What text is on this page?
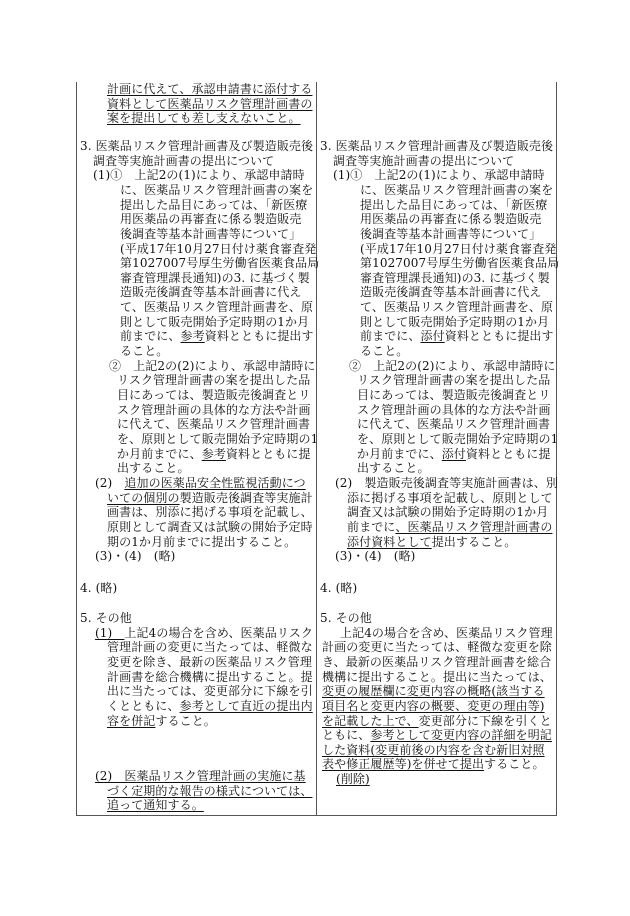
計画に代えて、承認申請書に添付する
資料として医薬品リスク管理計画書の
案を提出しても差し支えないこと。
3. 医薬品リスク管理計画書及び製造販売後
調査等実施計画書の提出について
(1)①　上記2の(1)により、承認申請時
に、医薬品リスク管理計画書の案を
提出した品目にあっては、「新医療
用医薬品の再審査に係る製造販売
後調査等基本計画書等について」
(平成17年10月27日付け薬食審査発
第1027007号厚生労働省医薬食品局
審査管理課長通知)の3. に基づく製
造販売後調査等基本計画書に代え
て、医薬品リスク管理計画書を、原
則として販売開始予定時期の1か月
前までに、参考資料とともに提出す
ること。
②　上記2の(2)により、承認申請時に
リスク管理計画書の案を提出した品
目にあっては、製造販売後調査とリ
スク管理計画の具体的な方法や計画
に代えて、医薬品リスク管理計画書
を、原則として販売開始予定時期の1
か月前までに、参考資料とともに提
出すること。
(2)　追加の医薬品安全性監視活動につ
いての個別の製造販売後調査等実施計
画書は、別添に掲げる事項を記載し、
原則として調査又は試験の開始予定時
期の1か月前までに提出すること。
(3)・(4)　(略)
4. (略)
5. その他
(1)　上記4の場合を含め、医薬品リスク
管理計画の変更に当たっては、軽微な
変更を除き、最新の医薬品リスク管理
計画書を総合機構に提出すること。提
出に当たっては、変更部分に下線を引
くとともに、参考として直近の提出内
容を併記すること。
(2)　医薬品リスク管理計画の実施に基
づく定期的な報告の様式については、
追って通知する。
3. 医薬品リスク管理計画書及び製造販売後
調査等実施計画書の提出について
(1)①　上記2の(1)により、承認申請時
に、医薬品リスク管理計画書の案を
提出した品目にあっては、「新医療
用医薬品の再審査に係る製造販売
後調査等基本計画書等について」
(平成17年10月27日付け薬食審査発
第1027007号厚生労働省医薬食品局
審査管理課長通知)の3. に基づく製
造販売後調査等基本計画書に代え
て、医薬品リスク管理計画書を、原
則として販売開始予定時期の1か月
前までに、添付資料とともに提出す
ること。
②　上記2の(2)により、承認申請時に
リスク管理計画書の案を提出した品
目にあっては、製造販売後調査とリ
スク管理計画の具体的な方法や計画
に代えて、医薬品リスク管理計画書
を、原則として販売開始予定時期の1
か月前までに、添付資料とともに提
出すること。
(2)　製造販売後調査等実施計画書は、別
添に掲げる事項を記載し、原則として
調査又は試験の開始予定時期の1か月
前までに、医薬品リスク管理計画書の
添付資料として提出すること。
(3)・(4)　(略)
4. (略)
5. その他
上記4の場合を含め、医薬品リスク管理
計画の変更に当たっては、軽微な変更を除
き、最新の医薬品リスク管理計画書を総合
機構に提出すること。提出に当たっては、
変更の履歴欄に変更内容の概略(該当する
項目名と変更内容の概要、変更の理由等)
を記載した上で、変更部分に下線を引くと
ともに、参考として変更内容の詳細を明記
した資料(変更前後の内容を含む新旧対照
表や修正履歴等)を併せて提出すること。
(削除)
